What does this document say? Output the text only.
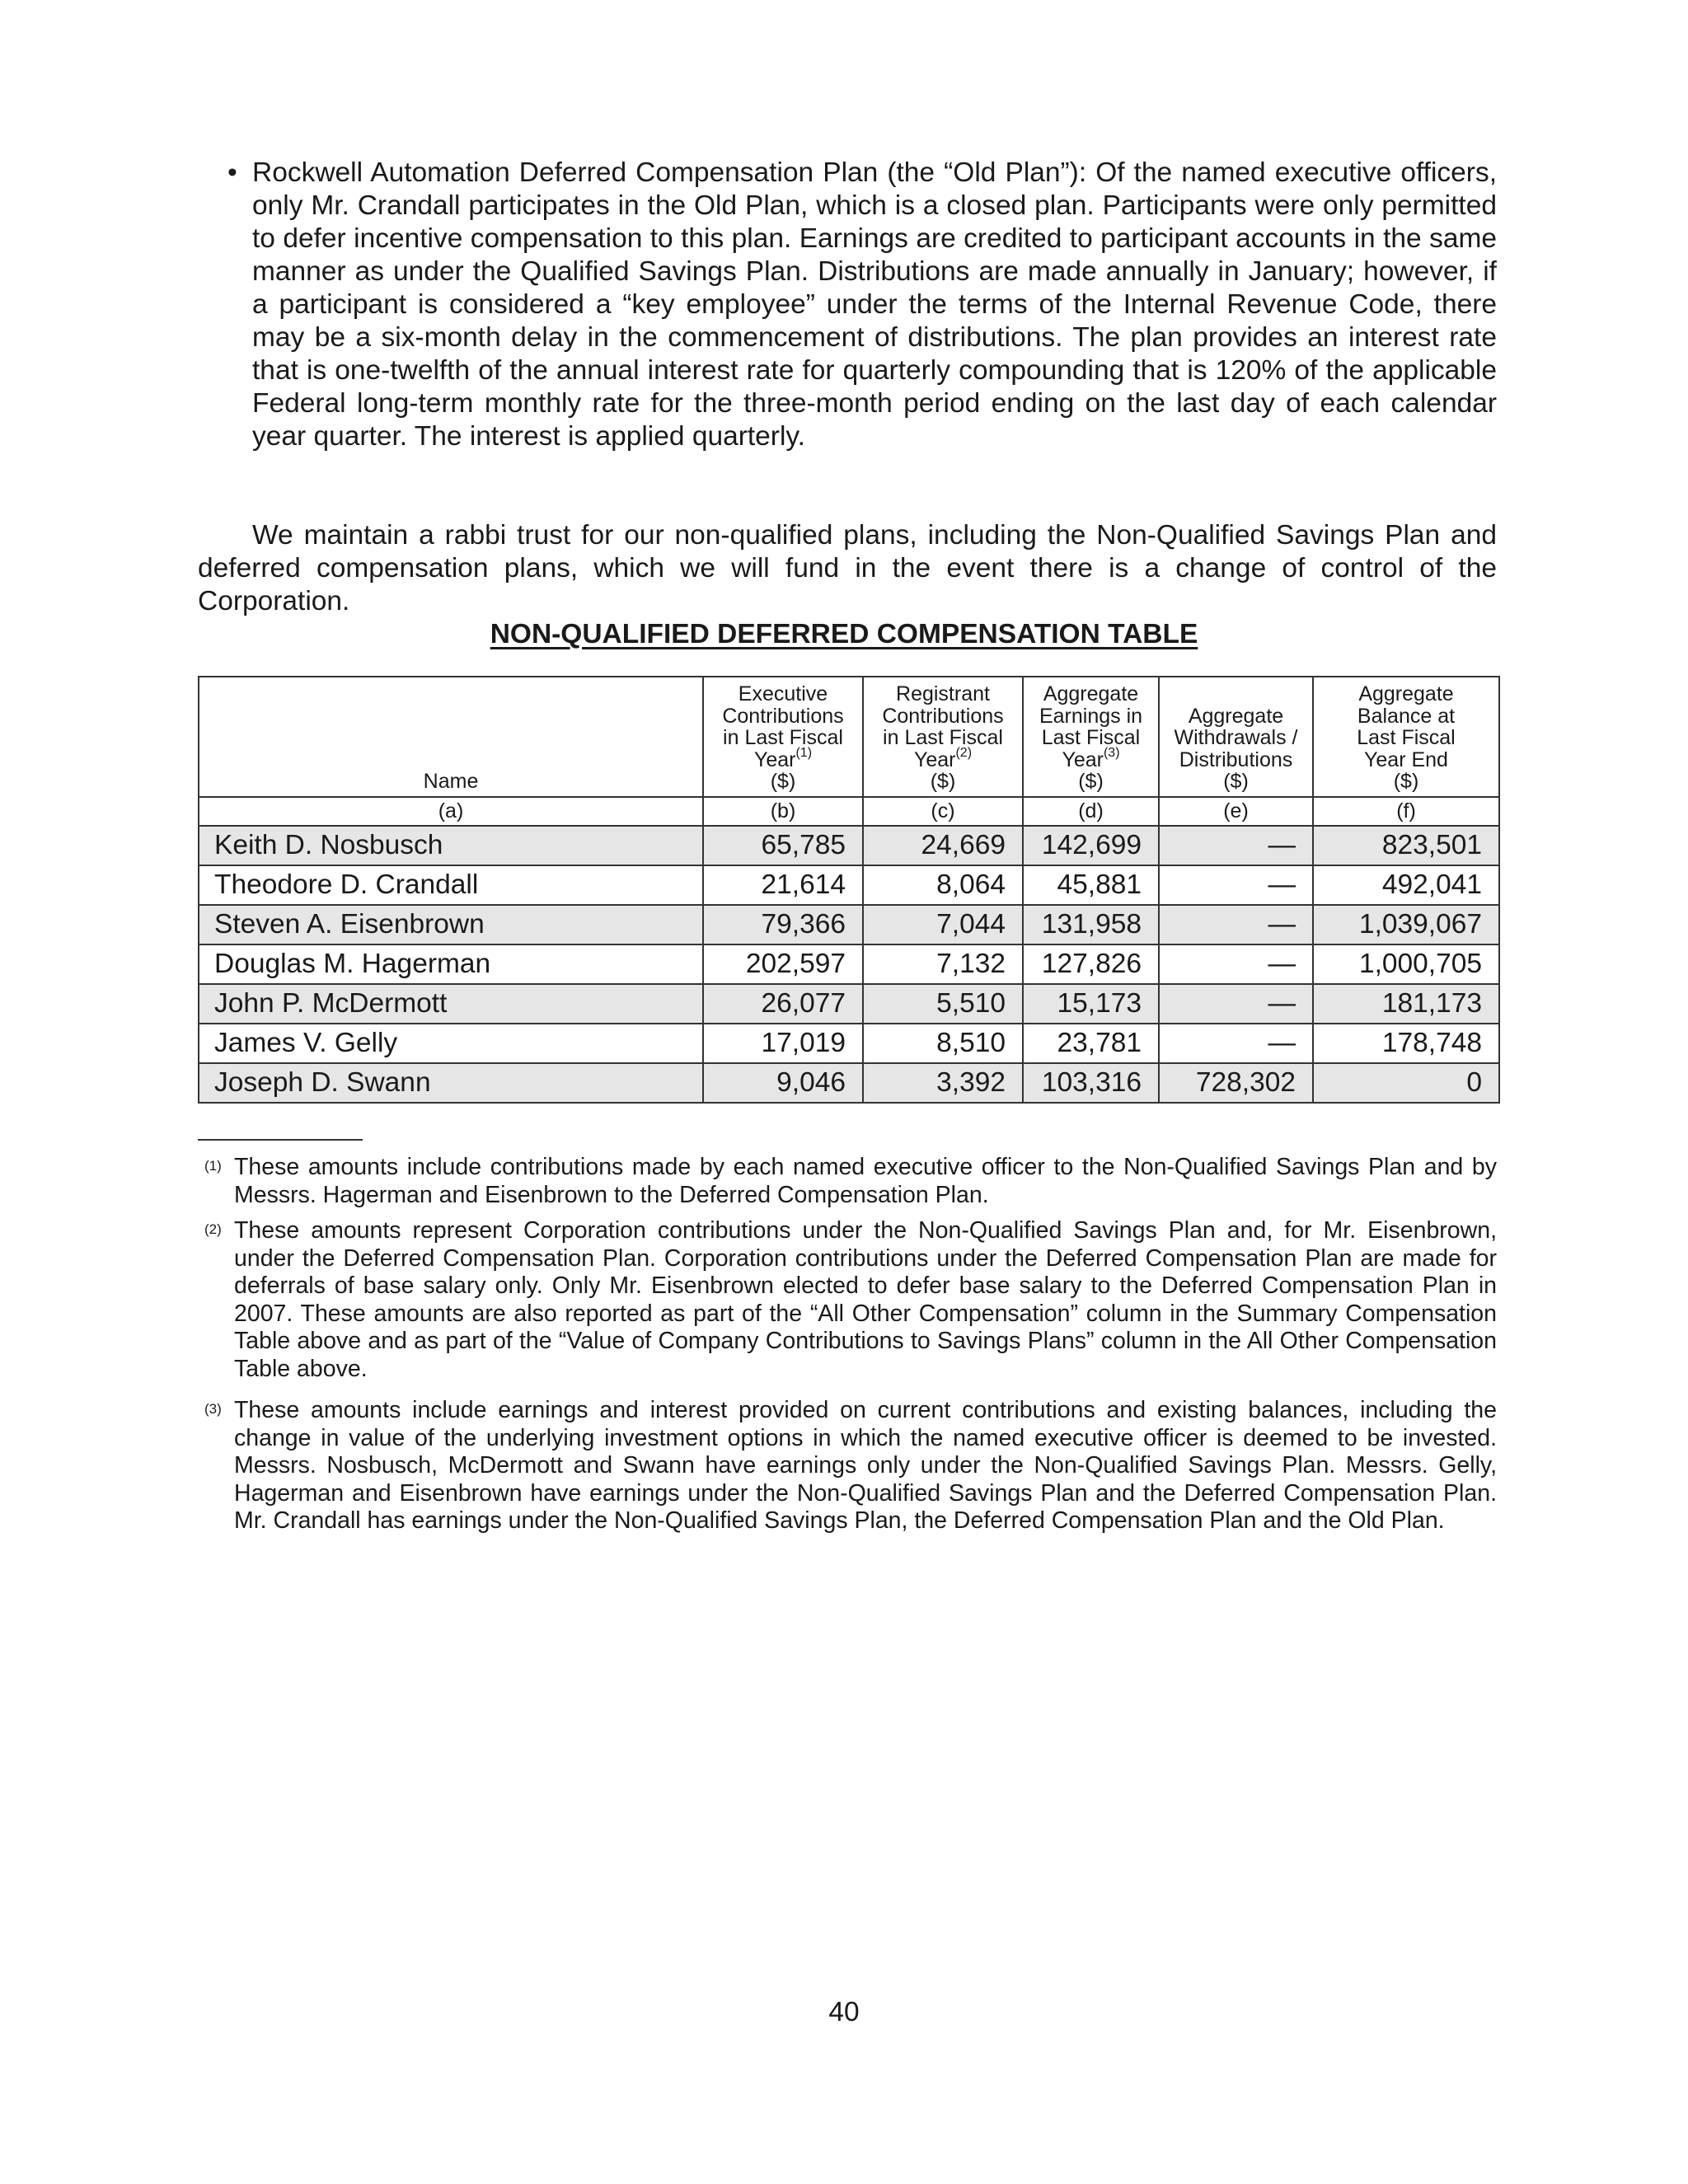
• Rockwell Automation Deferred Compensation Plan (the “Old Plan”): Of the named executive officers, only Mr. Crandall participates in the Old Plan, which is a closed plan. Participants were only permitted to defer incentive compensation to this plan. Earnings are credited to participant accounts in the same manner as under the Qualified Savings Plan. Distributions are made annually in January; however, if a participant is considered a “key employee” under the terms of the Internal Revenue Code, there may be a six-month delay in the commencement of distributions. The plan provides an interest rate that is one-twelfth of the annual interest rate for quarterly compounding that is 120% of the applicable Federal long-term monthly rate for the three-month period ending on the last day of each calendar year quarter. The interest is applied quarterly.
We maintain a rabbi trust for our non-qualified plans, including the Non-Qualified Savings Plan and deferred compensation plans, which we will fund in the event there is a change of control of the Corporation.
NON-QUALIFIED DEFERRED COMPENSATION TABLE
Name	Executive
Contributions
in Last Fiscal
Year$^{(1)}$
($)	Registrant
Contributions
in Last Fiscal
Year$^{(2)}$
($)	Aggregate
Earnings in
Last Fiscal
Year$^{(3)}$
($)	Aggregate
Withdrawals /
Distributions
($)	Aggregate
Balance at
Last Fiscal
Year End
($)
(a)	(b)	(c)	(d)	(e)	(f)
Keith D. Nosbusch	65,785	24,669	142,699	—	823,501
Theodore D. Crandall	21,614	8,064	45,881	—	492,041
Steven A. Eisenbrown	79,366	7,044	131,958	—	1,039,067
Douglas M. Hagerman	202,597	7,132	127,826	—	1,000,705
John P. McDermott	26,077	5,510	15,173	—	181,173
James V. Gelly	17,019	8,510	23,781	—	178,748
Joseph D. Swann	9,046	3,392	103,316	728,302	0
(1) These amounts include contributions made by each named executive officer to the Non-Qualified Savings Plan and by Messrs. Hagerman and Eisenbrown to the Deferred Compensation Plan.
(2) These amounts represent Corporation contributions under the Non-Qualified Savings Plan and, for Mr. Eisenbrown, under the Deferred Compensation Plan. Corporation contributions under the Deferred Compensation Plan are made for deferrals of base salary only. Only Mr. Eisenbrown elected to defer base salary to the Deferred Compensation Plan in 2007. These amounts are also reported as part of the “All Other Compensation” column in the Summary Compensation Table above and as part of the “Value of Company Contributions to Savings Plans” column in the All Other Compensation Table above.
(3) These amounts include earnings and interest provided on current contributions and existing balances, including the change in value of the underlying investment options in which the named executive officer is deemed to be invested. Messrs. Nosbusch, McDermott and Swann have earnings only under the Non-Qualified Savings Plan. Messrs. Gelly, Hagerman and Eisenbrown have earnings under the Non-Qualified Savings Plan and the Deferred Compensation Plan. Mr. Crandall has earnings under the Non-Qualified Savings Plan, the Deferred Compensation Plan and the Old Plan.
40
